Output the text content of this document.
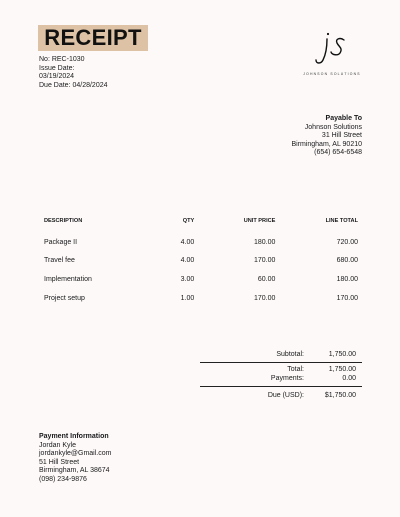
RECEIPT
No: REC-1030
Issue Date:
03/19/2024
Due Date: 04/28/2024
JOHNSON SOLUTIONS
Payable To
Johnson Solutions
31 Hill Street
Birmingham, AL 90210
(654) 654-6548
DESCRIPTION	QTY	UNIT PRICE	LINE TOTAL
Package II	4.00	180.00	720.00
Travel fee	4.00	170.00	680.00
Implementation	3.00	60.00	180.00
Project setup	1.00	170.00	170.00
Subtotal:	1,750.00
Total:	1,750.00
Payments:	0.00
Due (USD):	$1,750.00
Payment Information
Jordan Kyle
jordankyle@Gmail.com
51 Hill Street
Birmingham, AL 38674
(098) 234-9876
